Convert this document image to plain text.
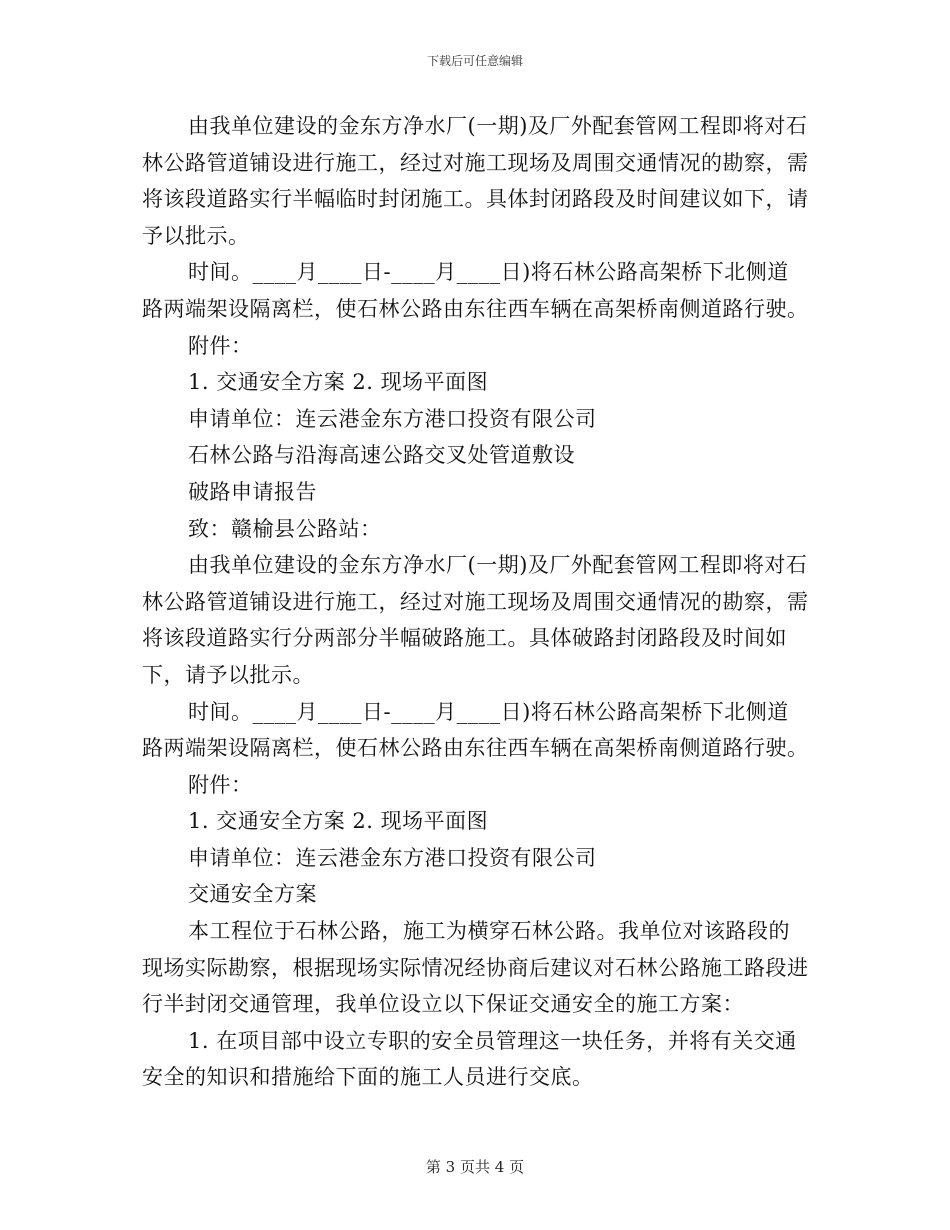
下载后可任意编辑

由我单位建设的金东方净水厂(一期)及厂外配套管网工程即将对石林公路管道铺设进行施工，经过对施工现场及周围交通情况的勘察，需将该段道路实行半幅临时封闭施工。具体封闭路段及时间建议如下，请予以批示。

时间。____月____日-____月____日)将石林公路高架桥下北侧道路两端架设隔离栏，使石林公路由东往西车辆在高架桥南侧道路行驶。

附件：

1. 交通安全方案 2. 现场平面图

申请单位：连云港金东方港口投资有限公司

石林公路与沿海高速公路交叉处管道敷设

破路申请报告

致：赣榆县公路站：

由我单位建设的金东方净水厂(一期)及厂外配套管网工程即将对石林公路管道铺设进行施工，经过对施工现场及周围交通情况的勘察，需将该段道路实行分两部分半幅破路施工。具体破路封闭路段及时间如下，请予以批示。

时间。____月____日-____月____日)将石林公路高架桥下北侧道路两端架设隔离栏，使石林公路由东往西车辆在高架桥南侧道路行驶。

附件：

1. 交通安全方案 2. 现场平面图

申请单位：连云港金东方港口投资有限公司

交通安全方案

本工程位于石林公路，施工为横穿石林公路。我单位对该路段的现场实际勘察，根据现场实际情况经协商后建议对石林公路施工路段进行半封闭交通管理，我单位设立以下保证交通安全的施工方案：

1. 在项目部中设立专职的安全员管理这一块任务，并将有关交通安全的知识和措施给下面的施工人员进行交底。

第 3 页共 4 页
